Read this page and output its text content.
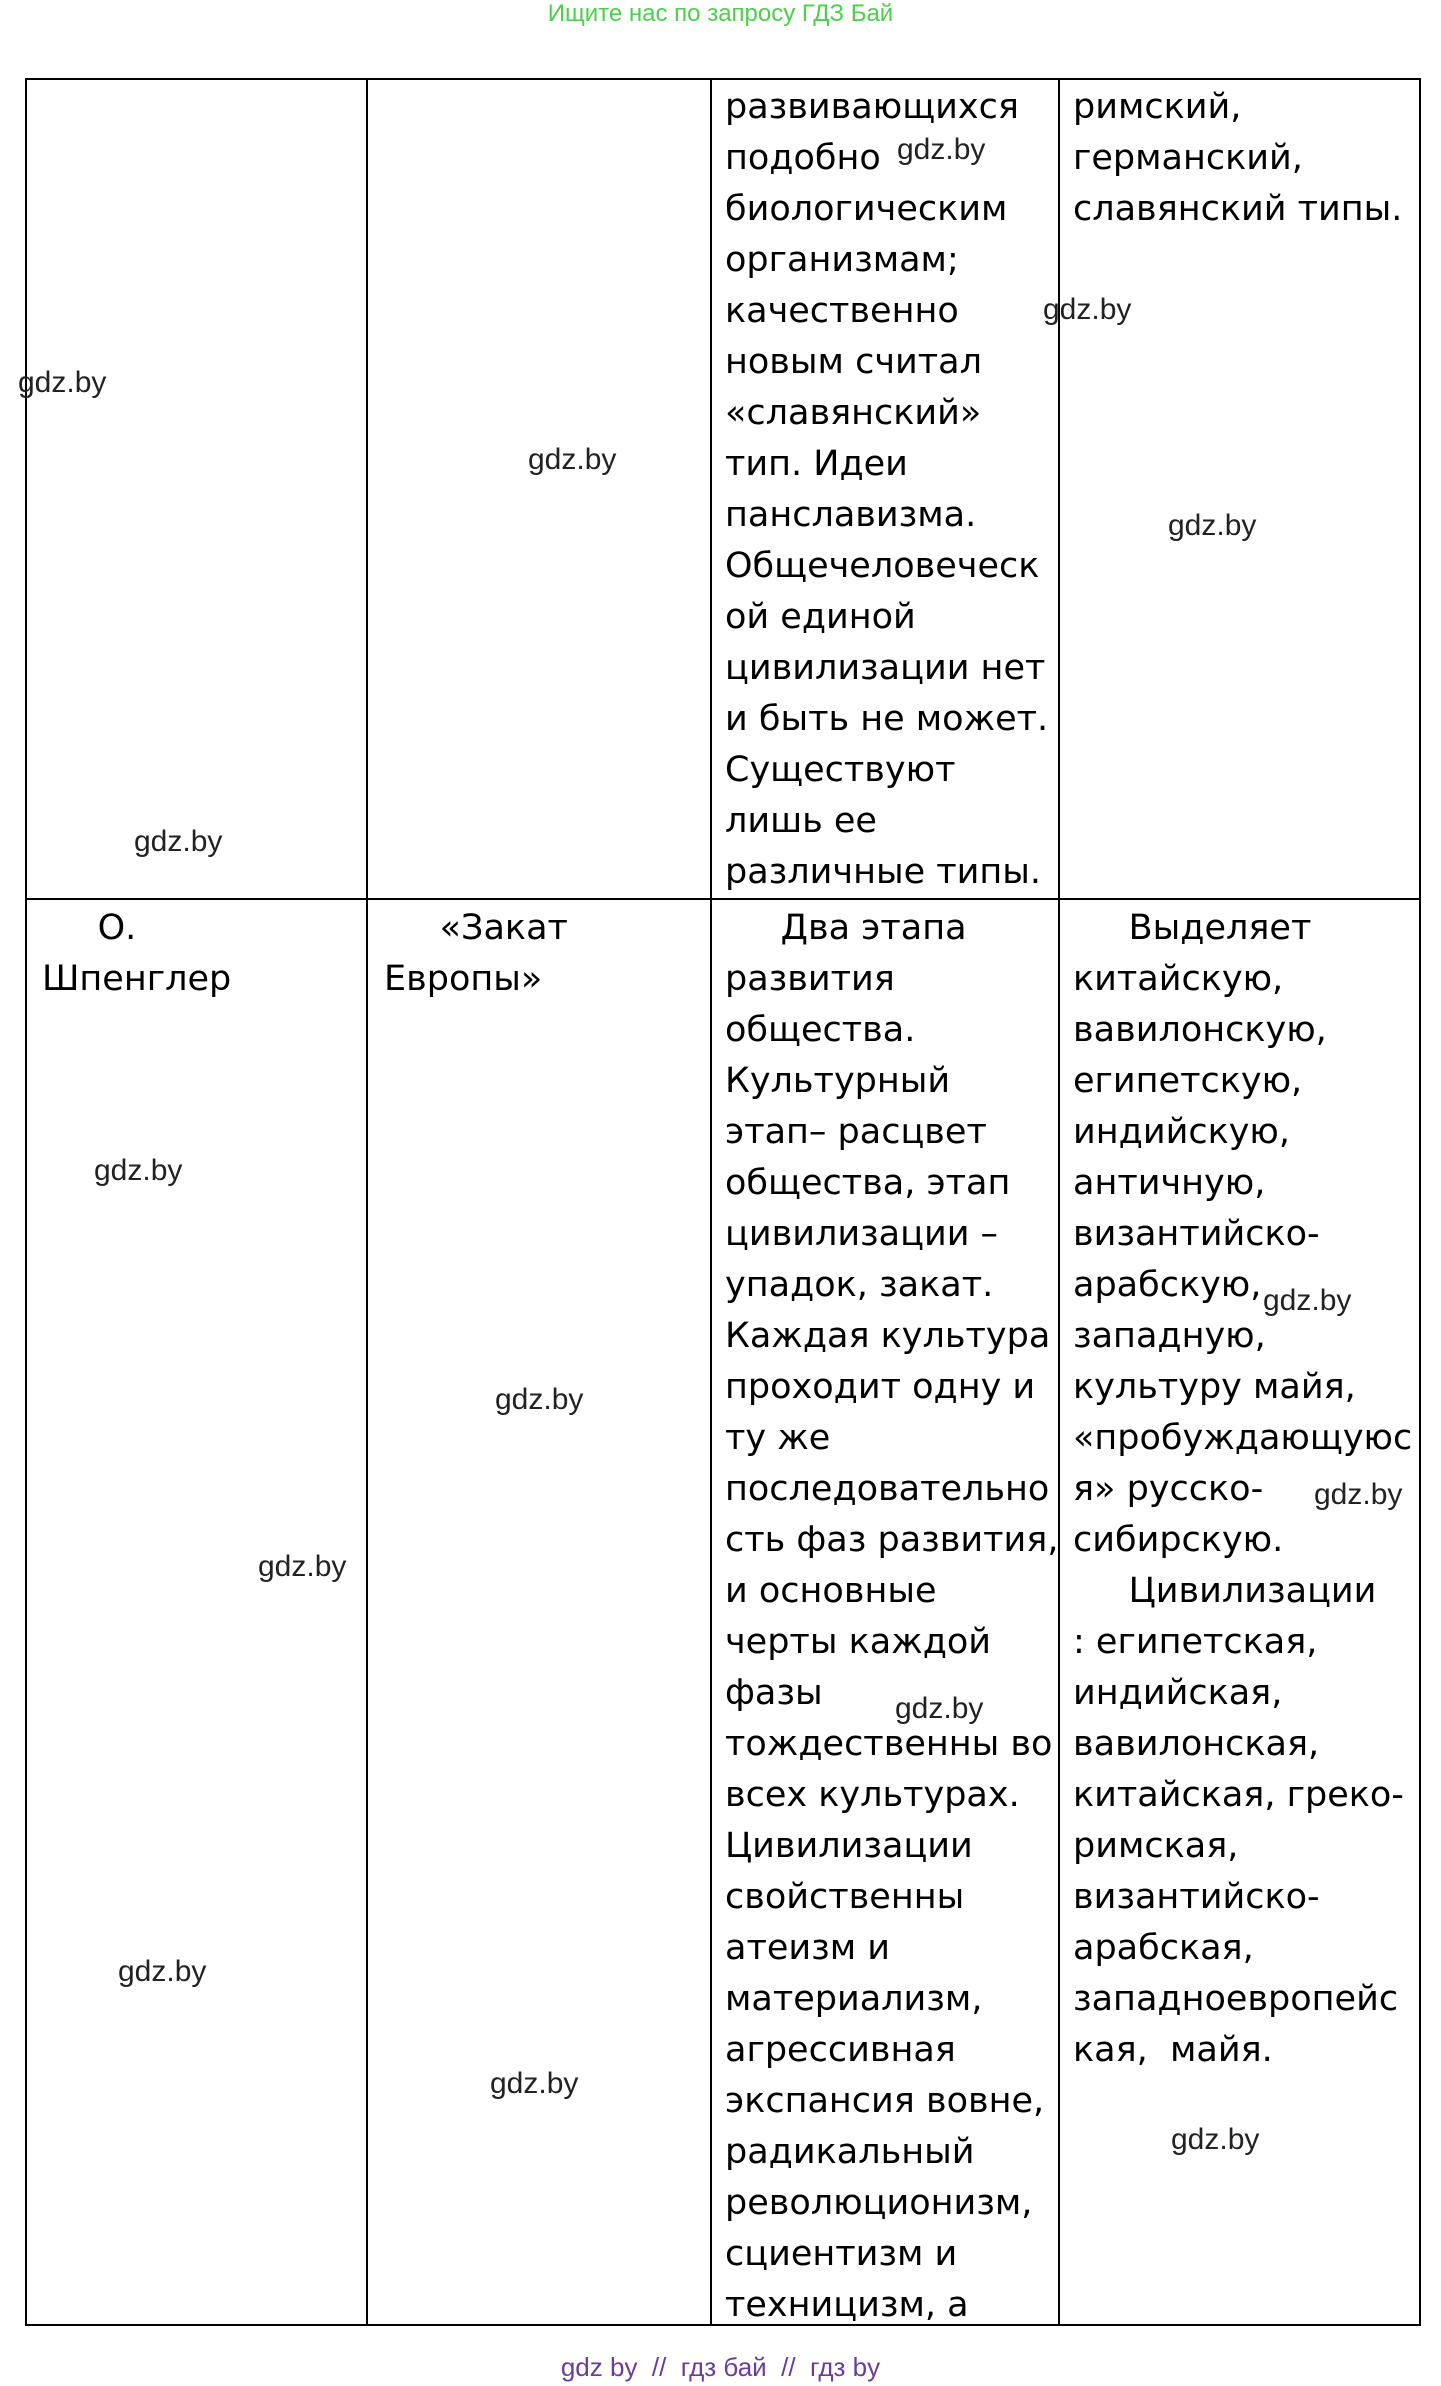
Ищите нас по запросу ГДЗ Бай
развивающихся
подобно
биологическим
организмам;
качественно
новым считал
«славянский»
тип. Идеи
панславизма.
Общечеловеческ
ой единой
цивилизации нет
и быть не может.
Существуют
лишь ее
различные типы.
римский,
германский,
славянский типы.
О.
Шпенглер
«Закат
Европы»
Два этапа
развития
общества.
Культурный
этап– расцвет
общества, этап
цивилизации –
упадок, закат.
Каждая культура
проходит одну и
ту же
последовательно
сть фаз развития,
и основные
черты каждой
фазы
тождественны во
всех культурах.
Цивилизации
свойственны
атеизм и
материализм,
агрессивная
экспансия вовне,
радикальный
революционизм,
сциентизм и
техницизм, а
Выделяет
китайскую,
вавилонскую,
египетскую,
индийскую,
античную,
византийско-
арабскую,
западную,
культуру майя,
«пробуждающуюс
я» русско-
сибирскую.
Цивилизации
: египетская,
индийская,
вавилонская,
китайская, греко-
римская,
византийско-
арабская,
западноевропейс
кая,  майя.
gdz.by
gdz.by
gdz.by
gdz.by
gdz.by
gdz.by
gdz.by
gdz.by
gdz.by
gdz.by
gdz.by
gdz.by
gdz.by
gdz.by
gdz.by
gdz by  //  гдз бай  //  гдз by
